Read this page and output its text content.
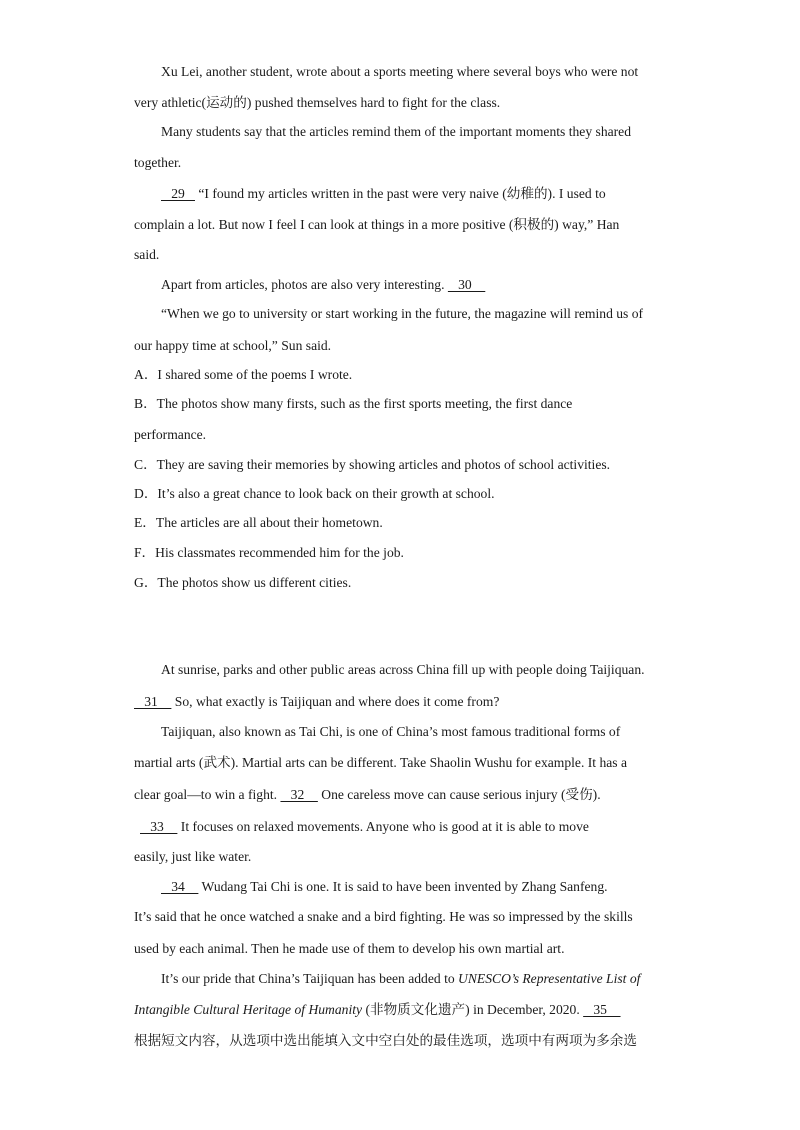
Xu Lei, another student, wrote about a sports meeting where several boys who were not
very athletic(运动的) pushed themselves hard to fight for the class.
Many students say that the articles remind them of the important moments they shared
together.
29    “I found my articles written in the past were very naive (幼稚的). I used to
complain a lot. But now I feel I can look at things in a more positive (积极的) way,” Han
said.
Apart from articles, photos are also very interesting.    30
“When we go to university or start working in the future, the magazine will remind us of
our happy time at school,” Sun said.
A．I shared some of the poems I wrote.
B．The photos show many firsts, such as the first sports meeting, the first dance
performance.
C．They are saving their memories by showing articles and photos of school activities.
D．It’s also a great chance to look back on their growth at school.
E．The articles are all about their hometown.
F．His classmates recommended him for the job.
G．The photos show us different cities.
At sunrise, parks and other public areas across China fill up with people doing Taijiquan.
31     So, what exactly is Taijiquan and where does it come from?
Taijiquan, also known as Tai Chi, is one of China’s most famous traditional forms of
martial arts (武术). Martial arts can be different. Take Shaolin Wushu for example. It has a
clear goal—to win a fight.    32     One careless move can cause serious injury (受伤).
33     It focuses on relaxed movements. Anyone who is good at it is able to move
easily, just like water.
34     Wudang Tai Chi is one. It is said to have been invented by Zhang Sanfeng.
It’s said that he once watched a snake and a bird fighting. He was so impressed by the skills
used by each animal. Then he made use of them to develop his own martial art.
It’s our pride that China’s Taijiquan has been added to UNESCO’s Representative List of
Intangible Cultural Heritage of Humanity (非物质文化遗产) in December, 2020.    35
根据短文内容，从选项中选出能填入文中空白处的最佳选项，选项中有两项为多余选
